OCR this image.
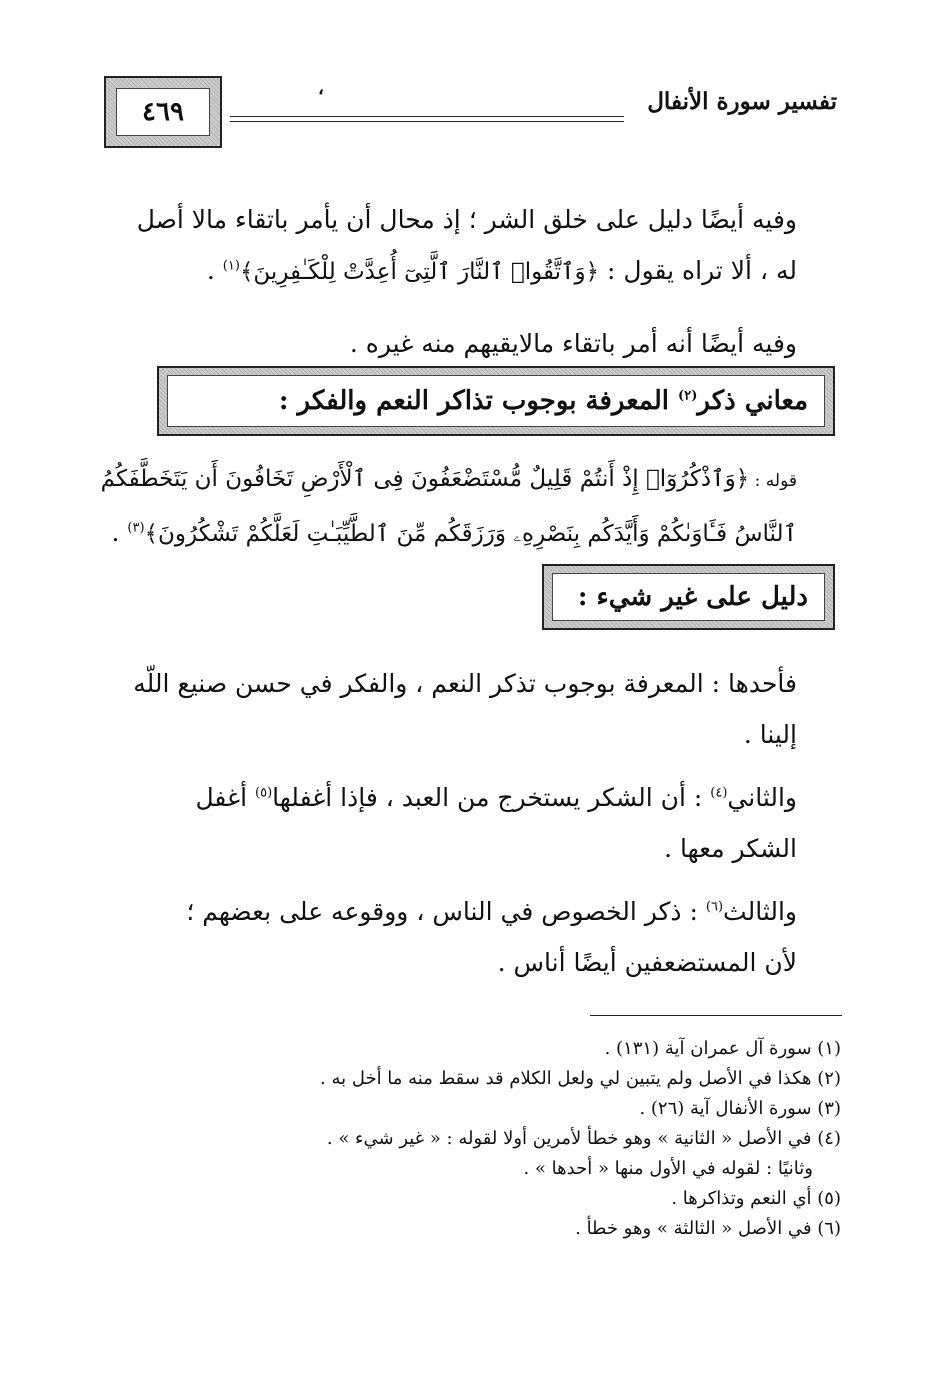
٤٦٩
،	تفسير سورة الأنفال

وفيه أيضًا دليل على خلق الشر ؛ إذ محال أن يأمر باتقاء مالا أصل
له ، ألا تراه يقول : ﴿وَٱتَّقُوا۟ ٱلنَّارَ ٱلَّتِىٓ أُعِدَّتْ لِلْكَـٰفِرِينَ﴾$^{(١)}$ .

وفيه أيضًا أنه أمر باتقاء مالايقيهم منه غيره .

معاني ذكر$^{(٢)}$ المعرفة بوجوب تذاكر النعم والفكر :

قوله : ﴿وَٱذْكُرُوٓا۟ إِذْ أَنتُمْ قَلِيلٌ مُّسْتَضْعَفُونَ فِى ٱلْأَرْضِ تَخَافُونَ أَن يَتَخَطَّفَكُمُ
ٱلنَّاسُ فَـَٔاوَىٰكُمْ وَأَيَّدَكُم بِنَصْرِهِۦ وَرَزَقَكُم مِّنَ ٱلطَّيِّبَـٰتِ لَعَلَّكُمْ تَشْكُرُونَ﴾$^{(٣)}$ .

دليل على غير شيء :

فأحدها : المعرفة بوجوب تذكر النعم ، والفكر في حسن صنيع اللّه
إلينا .

والثاني$^{(٤)}$ : أن الشكر يستخرج من العبد ، فإذا أغفلها$^{(٥)}$ أغفل
الشكر معها .

والثالث$^{(٦)}$ : ذكر الخصوص في الناس ، ووقوعه على بعضهم ؛
لأن المستضعفين أيضًا أناس .

(١) سورة آل عمران آية (١٣١) .
(٢) هكذا في الأصل ولم يتبين لي ولعل الكلام قد سقط منه ما أخل به .
(٣) سورة الأنفال آية (٢٦) .
(٤) في الأصل « الثانية » وهو خطأ لأمرين أولا لقوله : « غير شيء » .
وثانيًا : لقوله في الأول منها « أحدها » .
(٥) أي النعم وتذاكرها .
(٦) في الأصل « الثالثة » وهو خطأ .
